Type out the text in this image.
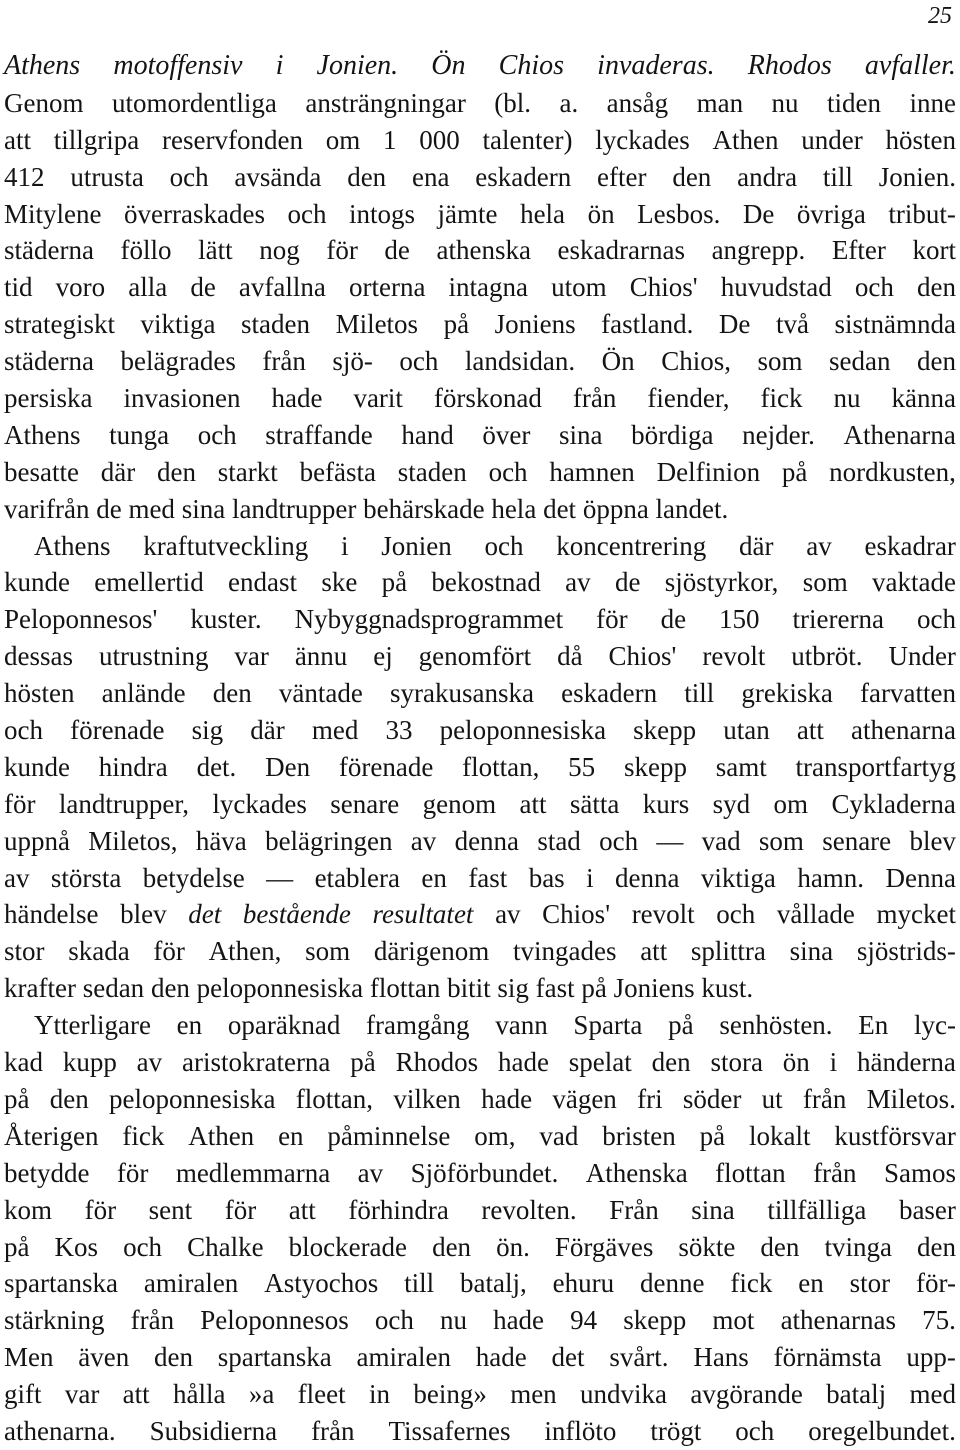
25
Athens motoffensiv i Jonien. Ön Chios invaderas. Rhodos avfaller.
Genom utomordentliga ansträngningar (bl. a. ansåg man nu tiden inne
att tillgripa reservfonden om 1 000 talenter) lyckades Athen under hösten
412 utrusta och avsända den ena eskadern efter den andra till Jonien.
Mitylene överraskades och intogs jämte hela ön Lesbos. De övriga tribut-
städerna föllo lätt nog för de athenska eskadrarnas angrepp. Efter kort
tid voro alla de avfallna orterna intagna utom Chios' huvudstad och den
strategiskt viktiga staden Miletos på Joniens fastland. De två sistnämnda
städerna belägrades från sjö- och landsidan. Ön Chios, som sedan den
persiska invasionen hade varit förskonad från fiender, fick nu känna
Athens tunga och straffande hand över sina bördiga nejder. Athenarna
besatte där den starkt befästa staden och hamnen Delfinion på nordkusten,
varifrån
de
med
sina
landtrupper
behärskade
hela
det
öppna
landet.
Athens kraftutveckling i Jonien och koncentrering där av eskadrar
kunde emellertid endast ske på bekostnad av de sjöstyrkor, som vaktade
Peloponnesos' kuster. Nybyggnadsprogrammet för de 150 triererna och
dessas utrustning var ännu ej genomfört då Chios' revolt utbröt. Under
hösten anlände den väntade syrakusanska eskadern till grekiska farvatten
och förenade sig där med 33 peloponnesiska skepp utan att athenarna
kunde hindra det. Den förenade flottan, 55 skepp samt transportfartyg
för landtrupper, lyckades senare genom att sätta kurs syd om Cykladerna
uppnå Miletos, häva belägringen av denna stad och — vad som senare blev
av största betydelse — etablera en fast bas i denna viktiga hamn. Denna
händelse blev det bestående resultatet av Chios' revolt och vållade mycket
stor skada för Athen, som därigenom tvingades att splittra sina sjöstrids-
krafter
sedan
den
peloponnesiska
flottan
bitit
sig
fast
på
Joniens
kust.
Ytterligare en oparäknad framgång vann Sparta på senhösten. En lyc-
kad kupp av aristokraterna på Rhodos hade spelat den stora ön i händerna
på den peloponnesiska flottan, vilken hade vägen fri söder ut från Miletos.
Återigen fick Athen en påminnelse om, vad bristen på lokalt kustförsvar
betydde för medlemmarna av Sjöförbundet. Athenska flottan från Samos
kom för sent för att förhindra revolten. Från sina tillfälliga baser
på Kos och Chalke blockerade den ön. Förgäves sökte den tvinga den
spartanska amiralen Astyochos till batalj, ehuru denne fick en stor för-
stärkning från Peloponnesos och nu hade 94 skepp mot athenarnas 75.
Men även den spartanska amiralen hade det svårt. Hans förnämsta upp-
gift var att hålla »a fleet in being» men undvika avgörande batalj med
athenarna. Subsidierna från Tissafernes inflöto trögt och oregelbundet.
